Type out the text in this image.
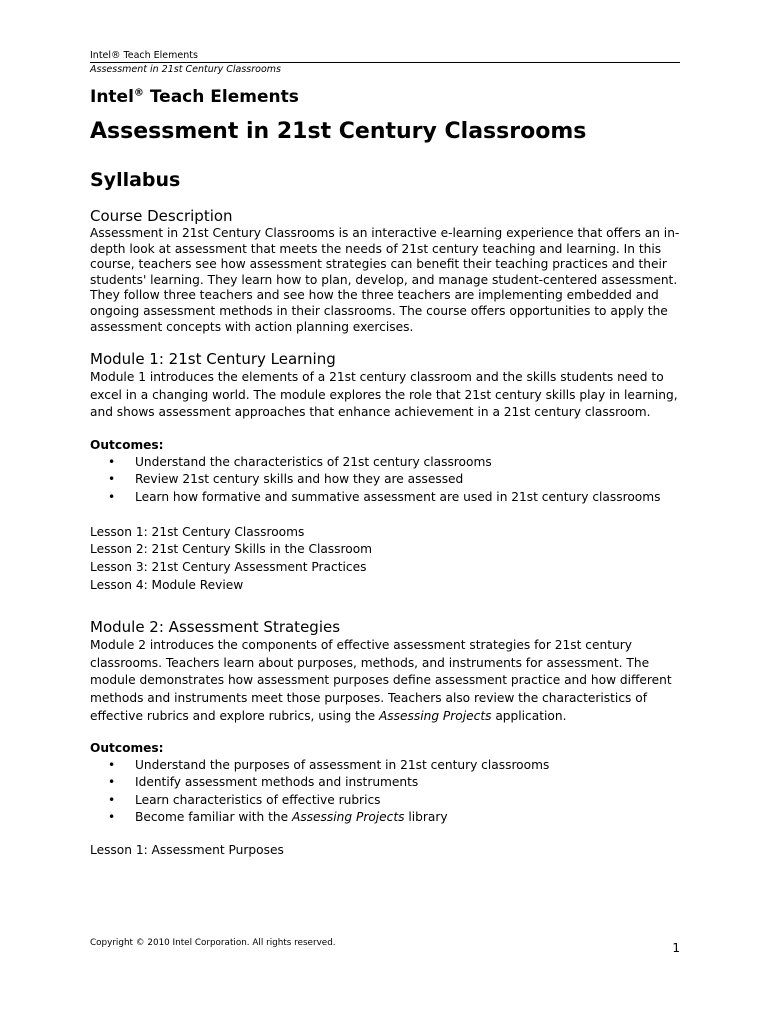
Intel® Teach Elements
Assessment in 21st Century Classrooms
Intel® Teach Elements
Assessment in 21st Century Classrooms
Syllabus
Course Description

Assessment in 21st Century Classrooms is an interactive e-learning experience that offers an in-depth look at assessment that meets the needs of 21st century teaching and learning. In this course, teachers see how assessment strategies can benefit their teaching practices and their students' learning. They learn how to plan, develop, and manage student-centered assessment. They follow three teachers and see how the three teachers are implementing embedded and ongoing assessment methods in their classrooms. The course offers opportunities to apply the assessment concepts with action planning exercises.

Module 1: 21st Century Learning

Module 1 introduces the elements of a 21st century classroom and the skills students need to excel in a changing world. The module explores the role that 21st century skills play in learning, and shows assessment approaches that enhance achievement in a 21st century classroom.

Outcomes:

• Understand the characteristics of 21st century classrooms
• Review 21st century skills and how they are assessed
• Learn how formative and summative assessment are used in 21st century classrooms
Lesson 1: 21st Century Classrooms
Lesson 2: 21st Century Skills in the Classroom
Lesson 3: 21st Century Assessment Practices
Lesson 4: Module Review
Module 2: Assessment Strategies

Module 2 introduces the components of effective assessment strategies for 21st century classrooms. Teachers learn about purposes, methods, and instruments for assessment. The module demonstrates how assessment purposes define assessment practice and how different methods and instruments meet those purposes. Teachers also review the characteristics of effective rubrics and explore rubrics, using the Assessing Projects application.

Outcomes:

• Understand the purposes of assessment in 21st century classrooms
• Identify assessment methods and instruments
• Learn characteristics of effective rubrics
• Become familiar with the Assessing Projects library
Lesson 1: Assessment Purposes
Copyright © 2010 Intel Corporation. All rights reserved.	1
